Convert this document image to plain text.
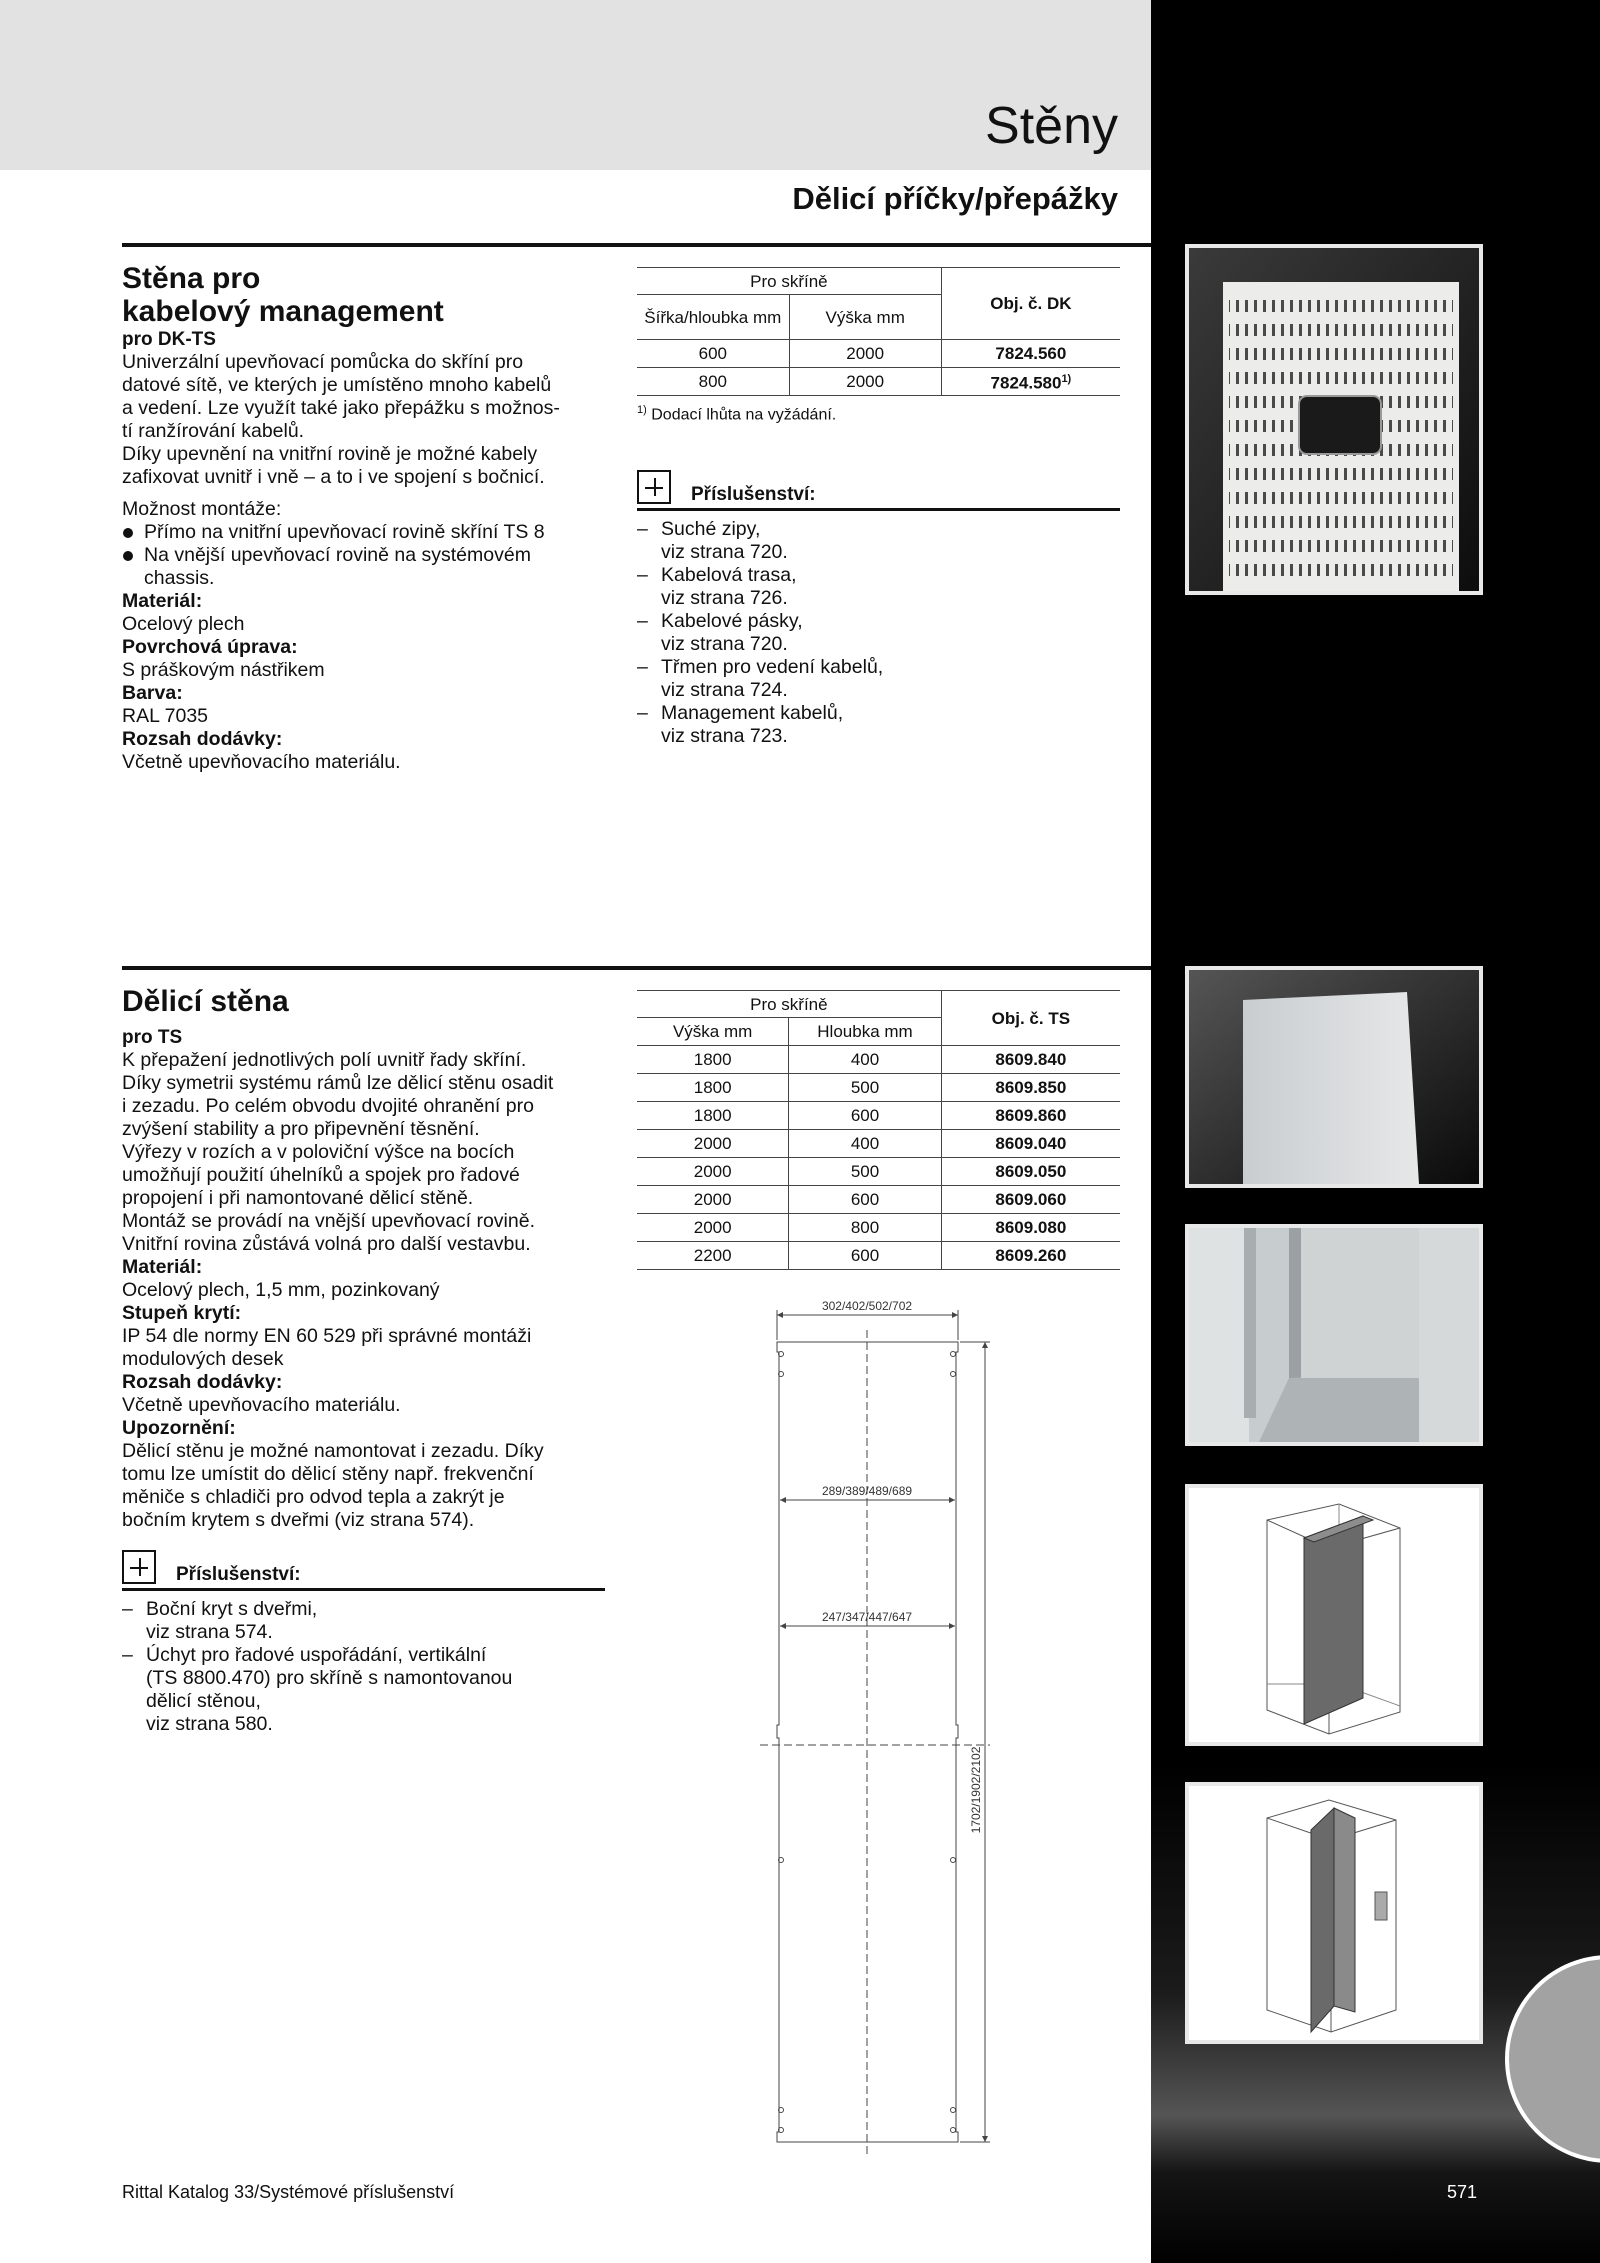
Stěny
Dělicí příčky/přepážky
Stěna pro
kabelový management
pro DK-TS

Univerzální upevňovací pomůcka do skříní pro

datové sítě, ve kterých je umístěno mnoho kabelů

a vedení. Lze využít také jako přepážku s možnos-

tí ranžírování kabelů.

Díky upevnění na vnitřní rovině je možné kabely

zafixovat uvnitř i vně – a to i ve spojení s bočnicí.

Možnost montáže:

Přímo na vnitřní upevňovací rovině skříní TS 8
Na vnější upevňovací rovině na systémovém chassis.

Materiál:

Ocelový plech

Povrchová úprava:

S práškovým nástřikem

Barva:

RAL 7035

Rozsah dodávky:

Včetně upevňovacího materiálu.

Pro skříně		Obj. č. DK
Šířka/hloubka mm	Výška mm	
600	2000	7824.560
800	2000	7824.580$^{1)}$
$^{1)}$ Dodací lhůta na vyžádání.
Příslušenství:
– Suché zipy,
viz strana 720.
– Kabelová trasa,
viz strana 726.
– Kabelové pásky,
viz strana 720.
– Třmen pro vedení kabelů,
viz strana 724.
– Management kabelů,
viz strana 723.
Dělicí stěna
pro TS

K přepažení jednotlivých polí uvnitř řady skříní.

Díky symetrii systému rámů lze dělicí stěnu osadit

i zezadu. Po celém obvodu dvojité ohranění pro

zvýšení stability a pro připevnění těsnění.

Výřezy v rozích a v poloviční výšce na bocích

umožňují použití úhelníků a spojek pro řadové

propojení i při namontované dělicí stěně.

Montáž se provádí na vnější upevňovací rovině.

Vnitřní rovina zůstává volná pro další vestavbu.

Materiál:

Ocelový plech, 1,5 mm, pozinkovaný

Stupeň krytí:

IP 54 dle normy EN 60 529 při správné montáži

modulových desek

Rozsah dodávky:

Včetně upevňovacího materiálu.

Upozornění:

Dělicí stěnu je možné namontovat i zezadu. Díky

tomu lze umístit do dělicí stěny např. frekvenční

měniče s chladiči pro odvod tepla a zakrýt je

bočním krytem s dveřmi (viz strana 574).

Příslušenství:
– Boční kryt s dveřmi,
viz strana 574.
– Úchyt pro řadové uspořádání, vertikální
(TS 8800.470) pro skříně s namontovanou
dělicí stěnou,
viz strana 580.
Pro skříně		Obj. č. TS
Výška mm	Hloubka mm	
1800	400	8609.840
1800	500	8609.850
1800	600	8609.860
2000	400	8609.040
2000	500	8609.050
2000	600	8609.060
2000	800	8609.080
2200	600	8609.260
302/402/502/702
289/389/489/689
247/347/447/647
1702/1902/2102
Rittal Katalog 33/Systémové příslušenství	571
